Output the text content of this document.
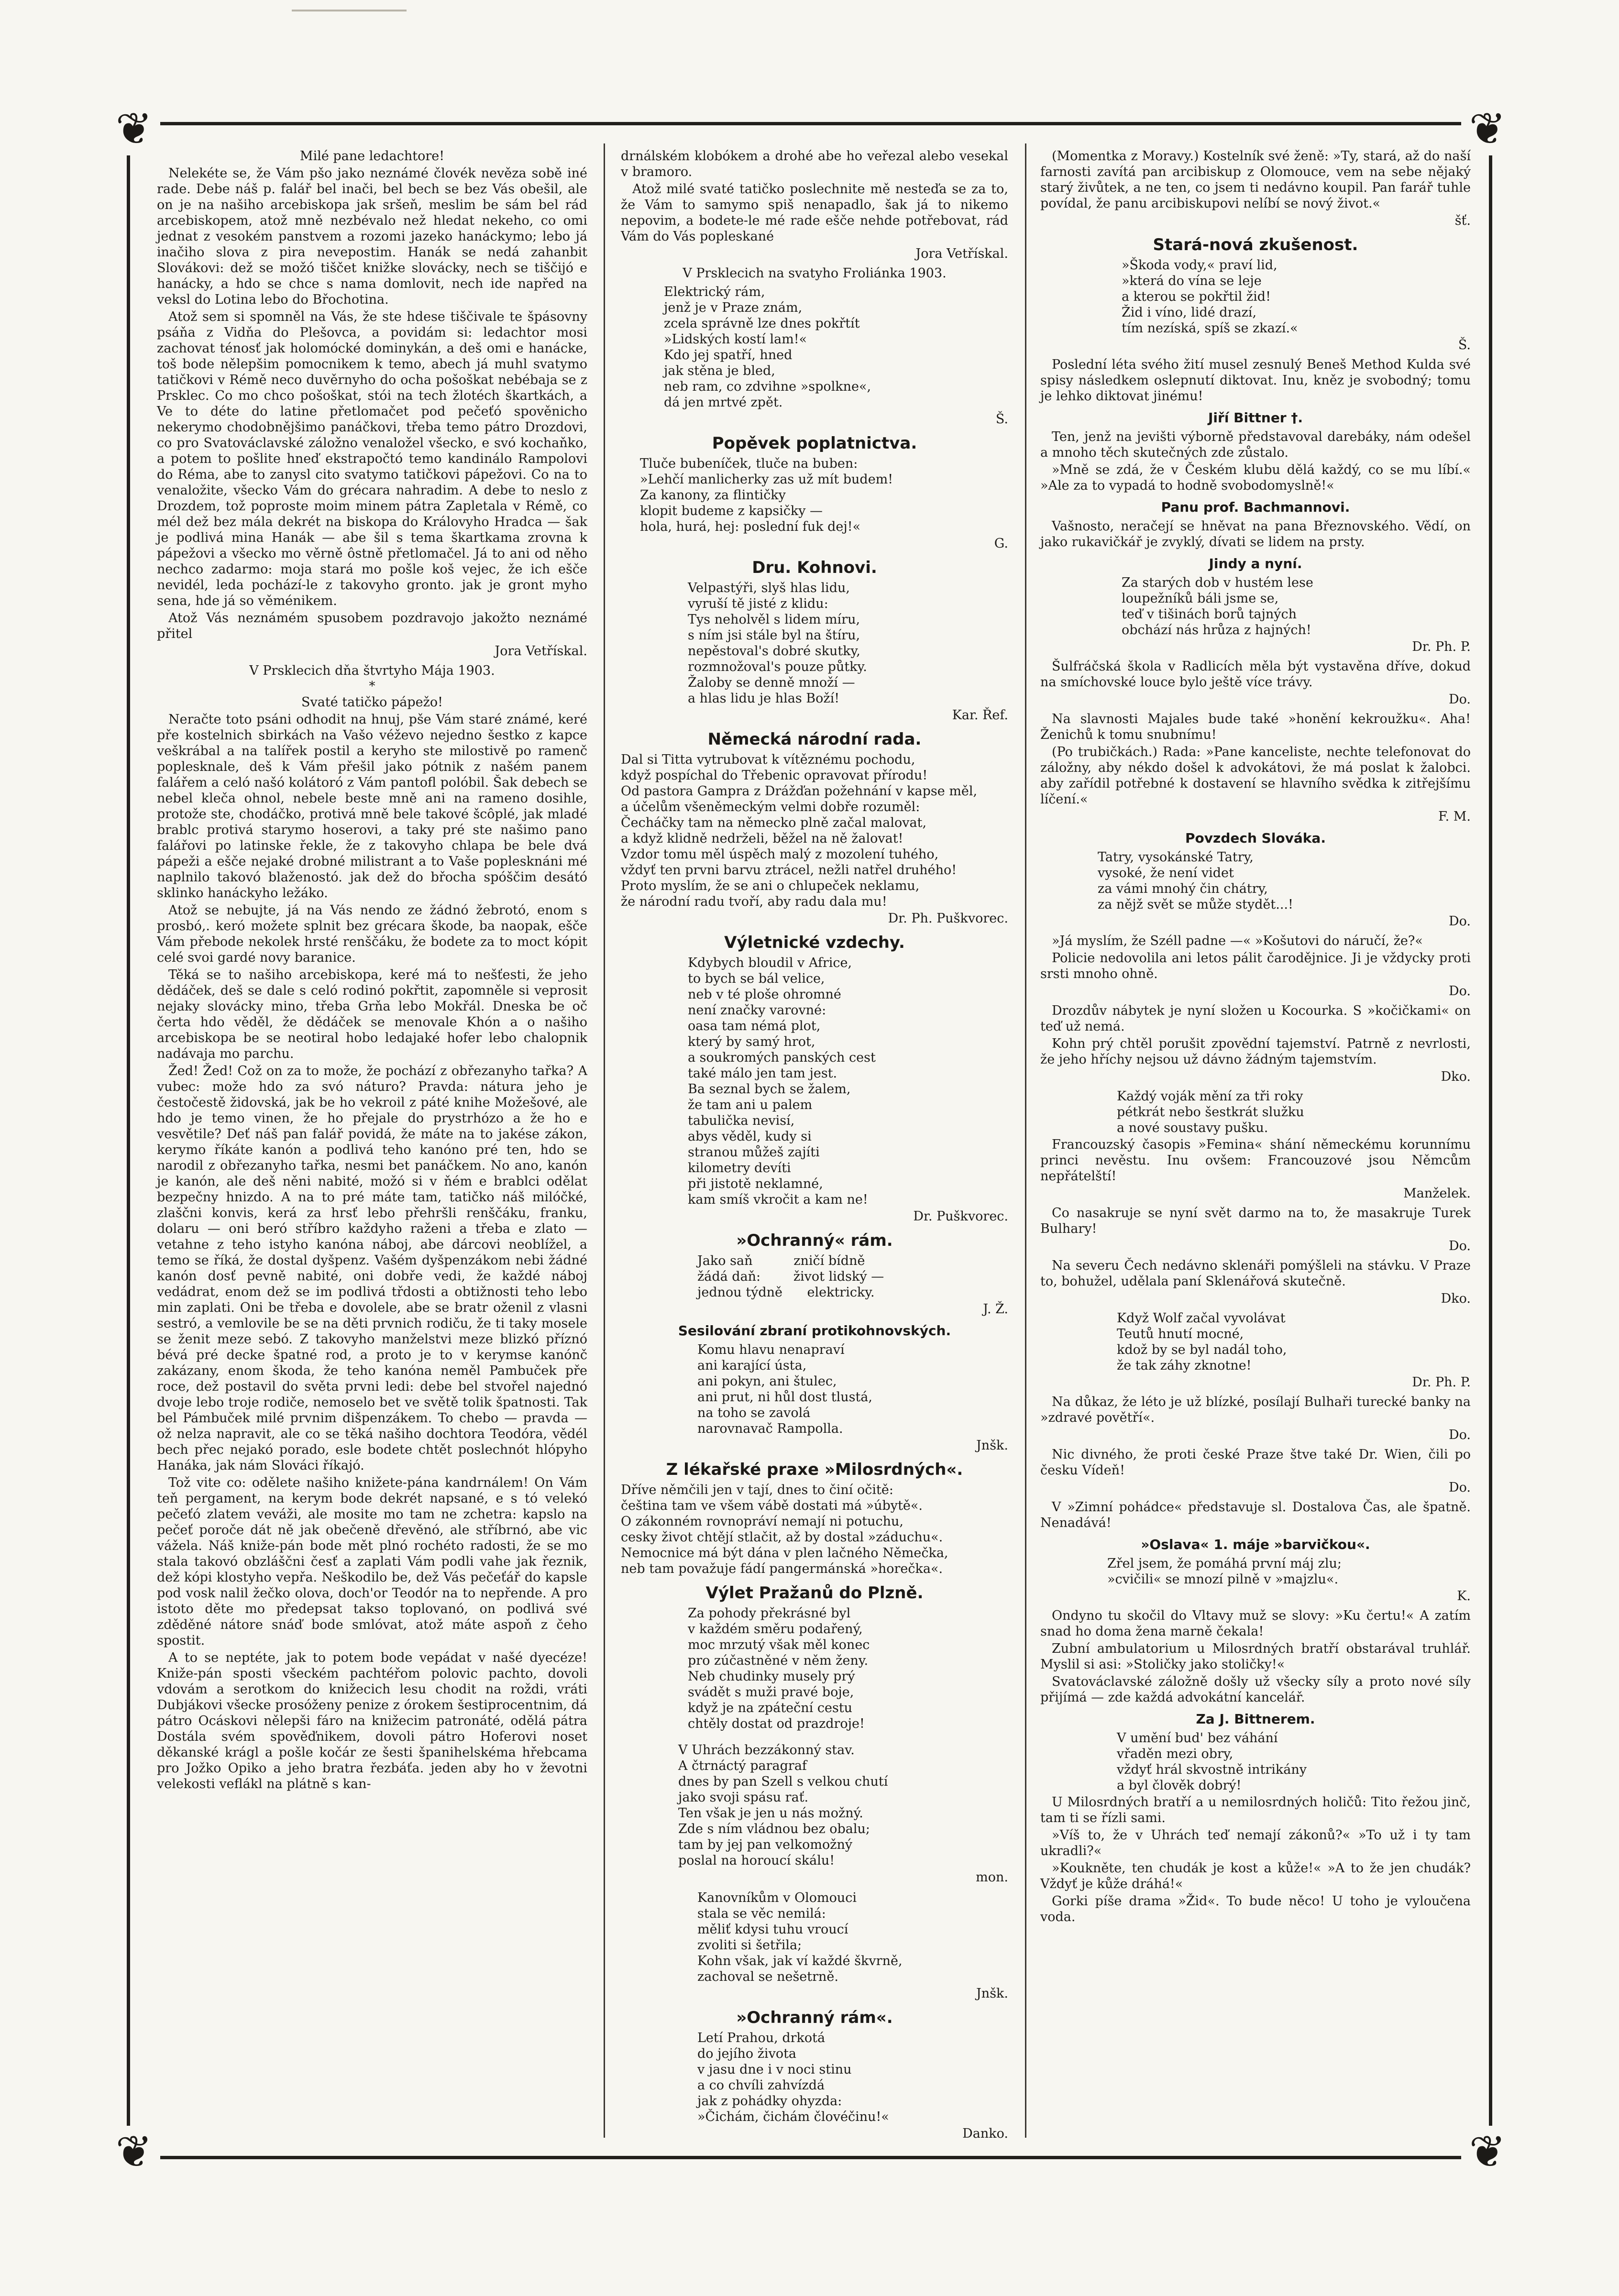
❦	❦
❦	❦

Milé pane ledachtore!

Nelekéte se, že Vám pšo jako neznámé človék nevěza sobě iné rade. Debe náš p. falář bel inači, bel bech se bez Vás obešil, ale on je na našiho arcebiskopa jak sršeň, meslim be sám bel rád arcebiskopem, atož mně nezbévalo než hledat nekeho, co omi jednat z vesokém panstvem a rozomi jazeko hanáckymo; lebo já inačiho slova z pira nevepostim. Hanák se nedá zahanbit Slovákovi: dež se možó tiščet knižke slovácky, nech se tiščijó e hanácky, a hdo se chce s nama domlovit, nech ide napřed na veksl do Lotina lebo do Břochotina.

Atož sem si spomněl na Vás, že ste hdese tiščivale te špásovny psáňa z Vidňa do Plešovca, a povidám si: ledachtor mosi zachovat ténosť jak holomócké dominykán, a deš omi e hanácke, toš bode nělepšim pomocnikem k temo, abech já muhl svatymo tatičkovi v Rémě neco duvěrnyho do ocha pošoškat nebébaja se z Prsklec. Co mo chco pošoškat, stói na tech žlotéch škartkách, a Ve to déte do latine přetlomačet pod pečeťó spověnicho nekerymo chodobnějšimo panáčkovi, třeba temo pátro Drozdovi, co pro Svatováclavské záložno venaložel všecko, e svó kochaňko, a potem to pošlite hneď ekstrapočtó temo kandinálo Rampolovi do Réma, abe to zanysl cito svatymo tatičkovi pápežovi. Co na to venaložite, všecko Vám do grécara nahradim. A debe to neslo z Drozdem, tož poproste moim minem pátra Zapletala v Rémě, co mél dež bez mála dekrét na biskopa do Královyho Hradca — šak je podlivá mina Hanák — abe šil s tema škartkama zrovna k pápežovi a všecko mo věrně ôstně přetlomačel. Já to ani od něho nechco zadarmo: moja stará mo pošle koš vejec, že ich ešče nevidél, leda pochází-le z takovyho gronto. jak je gront myho sena, hde já so věménikem.

Atož Vás neznámém spusobem pozdravojo jakožto neznámé přitel

Jora Vetřískal.

V Prsklecich dňa štvrtyho Mája 1903.

*

Svaté tatičko pápežo!

Neračte toto psáni odhodit na hnuj, pše Vám staré známé, keré pře kostelnich sbirkách na Vašo véževo nejedno šestko z kapce veškrábal a na talířek postil a keryho ste milostivě po ramenč poplesknale, deš k Vám přešil jako pótnik z našém panem falářem a celó našó kolátoró z Vám pantofl polóbil. Šak debech se nebel kleča ohnol, nebele beste mně ani na rameno dosihle, protože ste, chodáčko, protivá mně bele takové šcôplé, jak mladé brablc protivá starymo hoserovi, a taky pré ste našimo pano falářovi po latinske řekle, že z takovyho chlapa be bele dvá pápeži a ešče nejaké drobné milistrant a to Vaše poplesknáni mé naplnilo takovó blaženostó. jak dež do břocha spóščim desátó sklinko hanáckyho ležáko.

Atož se nebujte, já na Vás nendo ze žádnó žebrotó, enom s prosbó,. keró možete splnit bez grécara škode, ba naopak, ešče Vám přebode nekolek hrsté renščáku, že bodete za to moct kópit celé svoi gardé novy baranice.

Těká se to našiho arcebiskopa, keré má to nešťesti, že jeho dědáček, deš se dale s celó rodinó pokřtit, zapomněle si veprosit nejaky slovácky mino, třeba Grňa lebo Mokřál. Dneska be oč čerta hdo věděl, že dědáček se menovale Khón a o našiho arcebiskopa be se neotiral hobo ledajaké hofer lebo chalopnik nadávaja mo parchu.

Žed! Žed! Což on za to može, že pochází z obřezanyho tařka? A vubec: može hdo za svó náturo? Pravda: nátura jeho je čestočestě židovská, jak be ho vekroil z páté knihe Možešové, ale hdo je temo vinen, že ho přejale do prystrhózo a že ho e vesvětile? Deť náš pan falář povidá, že máte na to jakése zákon, kerymo říkáte kanón a podlivá teho kanóno pré ten, hdo se narodil z obřezanyho tařka, nesmi bet panáčkem. No ano, kanón je kanón, ale deš něni nabité, možó si v ňém e brablci odělat bezpečny hnizdo. A na to pré máte tam, tatičko náš milóčké, zlaščni konvis, kerá za hrsť lebo přehršli renščáku, franku, dolaru — oni beró stříbro každyho raženi a třeba e zlato — vetahne z teho istyho kanóna náboj, abe dárcovi neoblížel, a temo se říká, že dostal dyšpenz. Vašém dyšpenzákom nebi žádné kanón dosť pevně nabité, oni dobře vedi, že každé náboj vedádrat, enom dež se im podlivá třdosti a obtižnosti teho lebo min zaplati. Oni be třeba e dovolele, abe se bratr oženil z vlasni sestró, a vemlovile be se na děti prvnich rodiču, že ti taky mosele se ženit meze sebó. Z takovyho manželstvi meze blizkó příznó bévá pré decke špatné rod, a proto je to v kerymse kanónč zakázany, enom škoda, že teho kanóna neměl Pambuček pře roce, dež postavil do světa prvni ledi: debe bel stvořel najednó dvoje lebo troje rodiče, nemoselo bet ve světě tolik špatnosti. Tak bel Pámbuček milé prvnim dišpenzákem. To chebo — pravda — ož nelza napravit, ale co se těká našiho dochtora Teodóra, vědél bech přec nejakó porado, esle bodete chtět poslechnót hlópyho Hanáka, jak nám Slováci říkajó.

Tož vite co: odělete našiho knižete-pána kandrnálem! On Vám teň pergament, na kerym bode dekrét napsané, e s tó velekó pečeťó zlatem veváži, ale mosite mo tam ne zchetra: kapslo na pečeť poroče dát ně jak obečeně dřevěnó, ale stříbrnó, abe vic vážela. Náš kniže-pán bode mět plnó rochéto radosti, že se mo stala takovó obzláščni česť a zaplati Vám podli vahe jak řeznik, dež kópi klostyho vepřa. Neškodilo be, dež Vás pečeťář do kapsle pod vosk nalil žečko olova, doch'or Teodór na to nepřende. A pro istoto děte mo předepsat takso toplovanó, on podlivá své zděděné nátore snáď bode smlóvat, atož máte aspoň z čeho spostit.

A to se neptéte, jak to potem bode vepádat v našé dyecéze! Kniže-pán sposti všeckém pachtéřom polovic pachto, dovoli vdovám a serotkom do knižecich lesu chodit na roždi, vráti Dubjákovi všecke prosóženy penize z órokem šestiprocentnim, dá pátro Ocáskovi nělepši fáro na knižecim patronáté, odělá pátra Dostála svém spověďnikem, dovoli pátro Hoferovi noset děkanské krágl a pošle kočár ze šesti španihelskéma hřebcama pro Jožko Opiko a jeho bratra řezbáťa. jeden aby ho v ževotni velekosti veflákl na plátně s kan-

drnálském klobókem a drohé abe ho veřezal alebo vesekal v bramoro.

Atož milé svaté tatičko poslechnite mě nesteďa se za to, že Vám to samymo spiš nenapadlo, šak já to nikemo nepovim, a bodete-le mé rade ešče nehde potřebovat, rád Vám do Vás popleskané

Jora Vetřískal.

V Prsklecich na svatyho Froliánka 1903.

Elektrický rám,
jenž je v Praze znám,
zcela správně lze dnes pokřtít
»Lidských kostí lam!«
Kdo jej spatří, hned
jak stěna je bled,
neb ram, co zdvihne »spolkne«,
dá jen mrtvé zpět.

Š.

Popěvek poplatnictva.
Tluče bubeníček, tluče na buben:
»Lehčí manlicherky zas už mít budem!
Za kanony, za flintičky
klopit budeme z kapsičky —
hola, hurá, hej: poslední fuk dej!«

G.

Dru. Kohnovi.
Velpastýři, slyš hlas lidu,
vyruší tě jisté z klidu:
Tys neholvěl s lidem míru,
s ním jsi stále byl na štíru,
nepěstoval's dobré skutky,
rozmnožoval's pouze půtky.
Žaloby se denně množí —
a hlas lidu je hlas Boží!

Kar. Řef.

Německá národní rada.
Dal si Titta vytrubovat k vítěznému pochodu,
když pospíchal do Třebenic opravovat přírodu!
Od pastora Gampra z Drážďan požehnání v kapse měl,
a účelům všeněmeckým velmi dobře rozuměl:
Čecháčky tam na německo plně začal malovat,
a když klidně nedrželi, běžel na ně žalovat!
Vzdor tomu měl úspěch malý z mozolení tuhého,
vždyť ten prvni barvu ztrácel, nežli natřel druhého!
Proto myslím, že se ani o chlupeček neklamu,
že národní radu tvoří, aby radu dala mu!

Dr. Ph. Puškvorec.

Výletnické vzdechy.
Kdybych bloudil v Africe,
to bych se bál velice,
neb v té ploše ohromné
není značky varovné:
oasa tam némá plot,
který by samý hrot,
a soukromých panských cest
také málo jen tam jest.
Ba seznal bych se žalem,
že tam ani u palem
tabulička nevisí,
abys věděl, kudy si
stranou můžeš zajíti
kilometry devíti
při jistotě neklamné,
kam smíš vkročit a kam ne!

Dr. Puškvorec.

»Ochranný« rám.
Jako saň          zničí bídně
žádá daň:        život lidský —
jednou týdně      elektricky.

J. Ž.

Sesilování zbraní protikohnovských.
Komu hlavu nenapraví
ani karající ústa,
ani pokyn, ani štulec,
ani prut, ni hůl dost tlustá,
na toho se zavolá
narovnavač Rampolla.

Jnšk.

Z lékařské praxe »Milosrdných«.
Dříve němčili jen v tají, dnes to činí očitě:
čeština tam ve všem vábě dostati má »úbytě«.
O zákonném rovnopráví nemají ni potuchu,
cesky život chtějí stlačit, až by dostal »záduchu«.
Nemocnice má být dána v plen lačného Němečka,
neb tam považuje fádí pangermánská »horečka«.
Výlet Pražanů do Plzně.
Za pohody překrásné byl
v každém směru podařený,
moc mrzutý však měl konec
pro zúčastněné v něm ženy.
Neb chudinky musely prý
svádět s muži pravé boje,
když je na zpáteční cestu
chtěly dostat od prazdroje!
V Uhrách bezzákonný stav.
A čtrnáctý paragraf
dnes by pan Szell s velkou chutí
jako svoji spásu rať.
Ten však je jen u nás možný.
Zde s ním vládnou bez obalu;
tam by jej pan velkomožný
poslal na horoucí skálu!

mon.

Kanovníkům v Olomouci
stala se věc nemilá:
měliť kdysi tuhu vroucí
zvoliti si šetřila;
Kohn však, jak ví každé škvrně,
zachoval se nešetrně.

Jnšk.

»Ochranný rám«.
Letí Prahou, drkotá
do jejího života
v jasu dne i v noci stinu
a co chvíli zahvízdá
jak z pohádky ohyzda:
»Čichám, čichám človéčinu!«

Danko.

(Momentka z Moravy.) Kostelník své ženě: »Ty, stará, až do naší farnosti zavítá pan arcibiskup z Olomouce, vem na sebe nějaký starý živůtek, a ne ten, co jsem ti nedávno koupil. Pan farář tuhle povídal, že panu arcibiskupovi nelíbí se nový život.«

šť.

Stará-nová zkušenost.
»Škoda vody,« praví lid,
»která do vína se leje
a kterou se pokřtil žid!
Žid i víno, lidé drazí,
tím nezíská, spíš se zkazí.«

Š.

Poslední léta svého žití musel zesnulý Beneš Method Kulda své spisy následkem oslepnutí diktovat. Inu, kněz je svobodný; tomu je lehko diktovat jinému!

Jiří Bittner †.

Ten, jenž na jevišti výborně představoval darebáky, nám odešel a mnoho těch skutečných zde zůstalo.

»Mně se zdá, že v Českém klubu dělá každý, co se mu líbí.« »Ale za to vypadá to hodně svobodomyslně!«

Panu prof. Bachmannovi.

Vašnosto, neračejí se hněvat na pana Březnovského. Vědí, on jako rukavičkář je zvyklý, dívati se lidem na prsty.

Jindy a nyní.
Za starých dob v hustém lese
loupežníků báli jsme se,
teď v tišinách borů tajných
obchází nás hrůza z hajných!

Dr. Ph. P.

Šulfráčská škola v Radlicích měla být vystavěna dříve, dokud na smíchovské louce bylo ještě více trávy.

Do.

Na slavnosti Majales bude také »honění kekroužku«. Aha! Ženichů k tomu snubnímu!

(Po trubičkách.) Rada: »Pane kanceliste, nechte telefonovat do záložny, aby nékdo došel k advokátovi, že má poslat k žalobci. aby zařídil potřebné k dostavení se hlavního svědka k zitřejšímu líčení.«

F. M.

Povzdech Slováka.
Tatry, vysokánské Tatry,
vysoké, že není videt
za vámi mnohý čin chátry,
za nějž svět se může stydět...!

Do.

»Já myslím, že Széll padne —« »Košutovi do náručí, že?«

Policie nedovolila ani letos pálit čarodějnice. Ji je vždycky proti srsti mnoho ohně.

Do.

Drozdův nábytek je nyní složen u Kocourka. S »kočičkami« on teď už nemá.

Kohn prý chtěl porušit zpovědní tajemství. Patrně z nevrlosti, že jeho hříchy nejsou už dávno žádným tajemstvím.

Dko.

Každý voják mění za tři roky
pétkrát nebo šestkrát služku
a nové soustavy pušku.

Francouzský časopis »Femina« shání německému korunnímu princi nevěstu. Inu ovšem: Francouzové jsou Němcům nepřátelští!

Manželek.

Co nasakruje se nyní svět darmo na to, že masakruje Turek Bulhary!

Do.

Na severu Čech nedávno sklenáři pomýšleli na stávku. V Praze to, bohužel, udělala paní Sklenářová skutečně.

Dko.

Když Wolf začal vyvolávat
Teutů hnutí mocné,
kdož by se byl nadál toho,
že tak záhy zknotne!

Dr. Ph. P.

Na důkaz, že léto je už blízké, posílají Bulhaři turecké banky na »zdravé povětří«.

Do.

Nic divného, že proti české Praze štve také Dr. Wien, čili po česku Vídeň!

Do.

V »Zimní pohádce« představuje sl. Dostalova Čas, ale špatně. Nenadává!

»Oslava« 1. máje »barvičkou«.
Zřel jsem, že pomáhá první máj zlu;
»cvičili« se mnozí pilně v »majzlu«.

K.

Ondyno tu skočil do Vltavy muž se slovy: »Ku čertu!« A zatím snad ho doma žena marně čekala!

Zubní ambulatorium u Milosrdných bratří obstarával truhlář. Myslil si asi: »Stoličky jako stoličky!«

Svatováclavské záložně došly už všecky síly a proto nové síly přijímá — zde každá advokátní kancelář.

Za J. Bittnerem.
V umění bud' bez váhání
vřaděn mezi obry,
vždyť hrál skvostně intrikány
a byl člověk dobrý!

U Milosrdných bratří a u nemilosrdných holičů: Tito řežou jinč, tam ti se řízli sami.

»Víš to, že v Uhrách teď nemají zákonů?« »To už i ty tam ukradli?«

»Koukněte, ten chudák je kost a kůže!« »A to že jen chudák? Vždyť je kůže dráhá!«

Gorki píše drama »Žid«. To bude něco! U toho je vyloučena voda.
